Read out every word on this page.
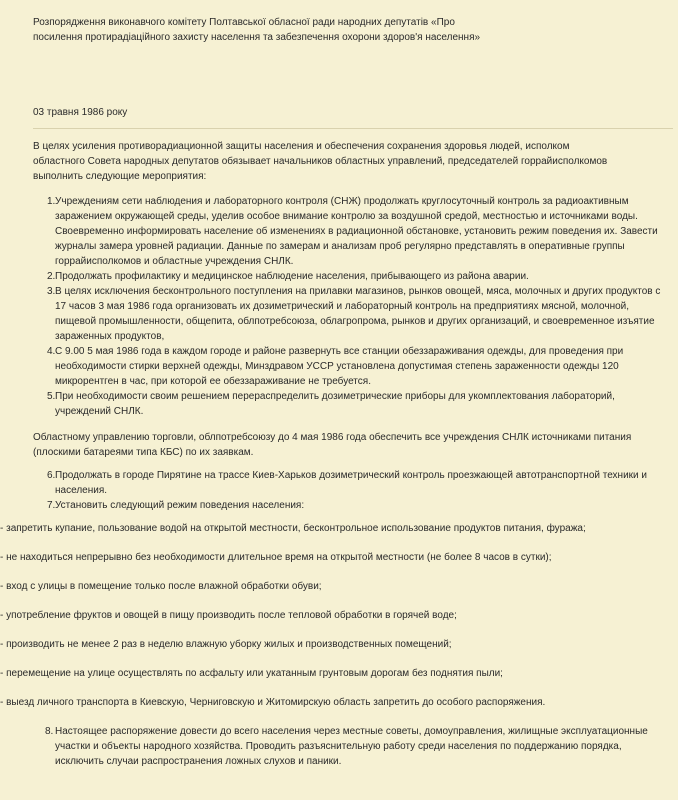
Розпорядження виконавчого комітету Полтавської обласної ради народних депутатів «Про посилення протирадіаційного захисту населення та забезпечення охорони здоров'я населення»

03 травня 1986 року

В целях усиления противорадиационной защиты населения и обеспечения сохранения здоровья людей, исполком областного Совета народных депутатов обязывает начальников областных управлений, председателей горрайисполкомов выполнить следующие мероприятия:

1. Учреждениям сети наблюдения и лабораторного контроля (СНЖ) продолжать круглосуточный контроль за радиоактивным заражением окружающей среды, уделив особое внимание контролю за воздушной средой, местностью и источниками воды. Своевременно информировать население об изменениях в радиационной обстановке, установить режим поведения их. Завести журналы замера уровней радиации. Данные по замерам и анализам проб регулярно представлять в оперативные группы горрайисполкомов и областные учреждения СНЛК.
2. Продолжать профилактику и медицинское наблюдение населения, прибывающего из района аварии.
3. В целях исключения бесконтрольного поступления на прилавки магазинов, рынков овощей, мяса, молочных и других продуктов с 17 часов 3 мая 1986 года организовать их дозиметрический и лабораторный контроль на предприятиях мясной, молочной, пищевой промышленности, общепита, облпотребсоюза, облагропрома, рынков и других организаций, и своевременное изъятие зараженных продуктов,
4. С 9.00 5 мая 1986 года в каждом городе и районе развернуть все станции обеззараживания одежды, для проведения при необходимости стирки верхней одежды, Минздравом УССР установлена допустимая степень зараженности одежды 120 микрорентген в час, при которой ее обеззараживание не требуется.
5. При необходимости своим решением перераспределить дозиметрические приборы для укомплектования лабораторий, учреждений СНЛК.

Областному управлению торговли, облпотребсоюзу до 4 мая 1986 года обеспечить все учреждения СНЛК источниками питания (плоскими батареями типа КБС) по их заявкам.

6. Продолжать в городе Пирятине на трассе Киев-Харьков дозиметрический контроль проезжающей автотранспортной техники и населения.
7. Установить следующий режим поведения населения:

- запретить купание, пользование водой на открытой местности, бесконтрольное использование продуктов питания, фуража;

- не находиться непрерывно без необходимости длительное время на открытой местности (не более 8 часов в сутки);

- вход с улицы в помещение только после влажной обработки обуви;

- употребление фруктов и овощей в пищу производить после тепловой обработки в горячей воде;

- производить не менее 2 раз в неделю влажную уборку жилых и производственных помещений;

- перемещение на улице осуществлять по асфальту или укатанным грунтовым дорогам без поднятия пыли;

- выезд личного транспорта в Киевскую, Черниговскую и Житомирскую область запретить до особого распоряжения.

8. Настоящее распоряжение довести до всего населения через местные советы, домоуправления, жилищные эксплуатационные участки и объекты народного хозяйства. Проводить разъяснительную работу среди населения по поддержанию порядка, исключить случаи распространения ложных слухов и паники.
